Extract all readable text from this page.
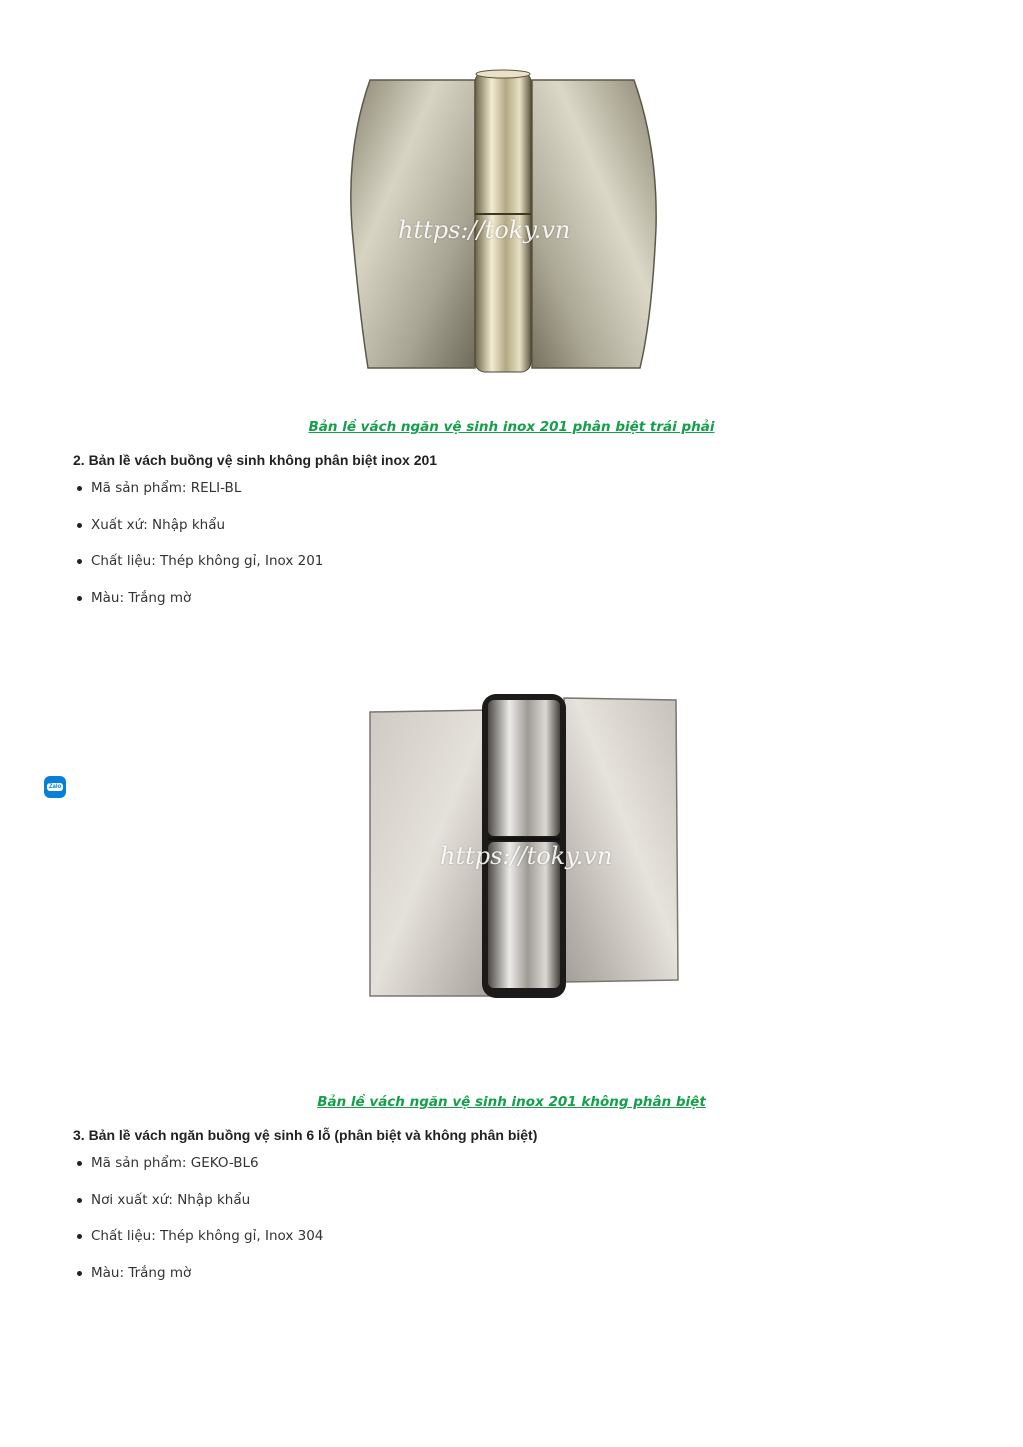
https://toky.vn
Bản lề vách ngăn vệ sinh inox 201 phân biệt trái phải
2. Bản lề vách buồng vệ sinh không phân biệt inox 201
Mã sản phẩm: RELI-BL
Xuất xứ: Nhập khẩu
Chất liệu: Thép không gỉ, Inox 201
Màu: Trắng mờ
https://toky.vn
Bản lề vách ngăn vệ sinh inox 201 không phân biệt
3. Bản lề vách ngăn buồng vệ sinh 6 lỗ (phân biệt và không phân biệt)
Mã sản phẩm: GEKO-BL6
Nơi xuất xứ: Nhập khẩu
Chất liệu: Thép không gỉ, Inox 304
Màu: Trắng mờ
Zalo
